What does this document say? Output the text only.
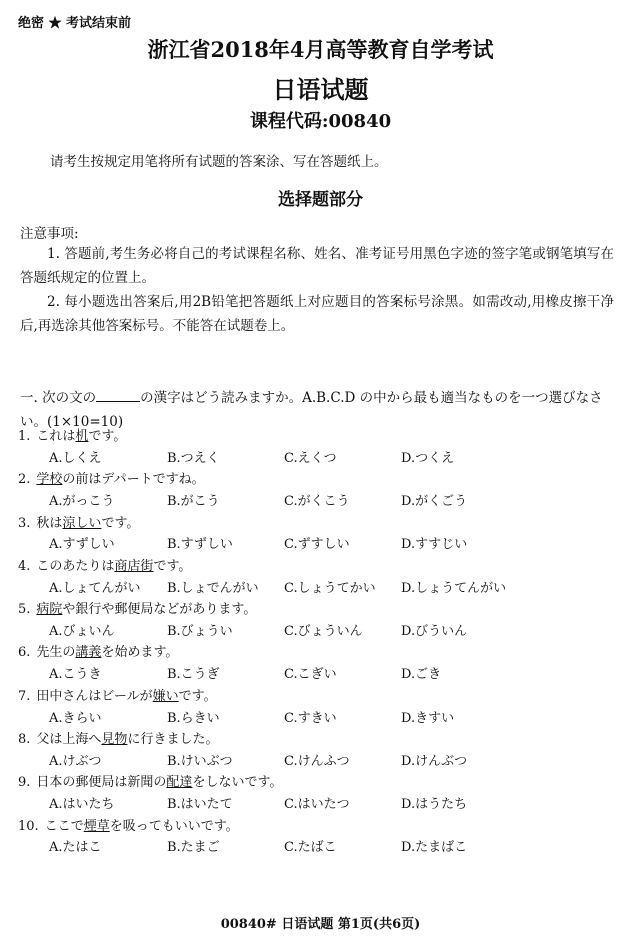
绝密 ★ 考试结束前
浙江省2018年4月高等教育自学考试
日语试题
课程代码:00840
请考生按规定用笔将所有试题的答案涂、写在答题纸上。
选择题部分
注意事项:
1. 答题前,考生务必将自己的考试课程名称、姓名、准考证号用黑色字迹的签字笔或钢笔填写在答题纸规定的位置上。
2. 每小题选出答案后,用2B铅笔把答题纸上对应题目的答案标号涂黑。如需改动,用橡皮擦干净后,再选涂其他答案标号。不能答在试题卷上。
一. 次の文の	の漢字はどう読みますか。A.B.C.D の中から最も適当なものを一つ選びなさい。(1×10=10)
1. これは机です。
A.しくえ	B.つえく	C.えくつ	D.つくえ
2. 学校の前はデパートですね。
A.がっこう	B.がこう	C.がくこう	D.がくごう
3. 秋は涼しいです。
A.すずしい	B.すずしい	C.ずすしい	D.すすじい
4. このあたりは商店街です。
A.しょてんがい B.しょでんがい C.しょうてかい D.しょうてんがい
5. 病院や銀行や郵便局などがあります。
A.びょいん	B.びょうい	C.びょういん	D.びういん
6. 先生の講義を始めます。
A.こうき	B.こうぎ	C.こぎい	D.ごき
7. 田中さんはビールが嫌いです。
A.きらい	B.らきい	C.すきい	D.きすい
8. 父は上海へ見物に行きました。
A.けぶつ	B.けいぶつ	C.けんふつ	D.けんぶつ
9. 日本の郵便局は新聞の配達をしないです。
A.はいたち	B.はいたて	C.はいたつ	D.はうたち
10. ここで煙草を吸ってもいいです。
A.たはこ	B.たまご	C.たばこ	D.たまばこ
00840# 日语试题 第1页(共6页)
